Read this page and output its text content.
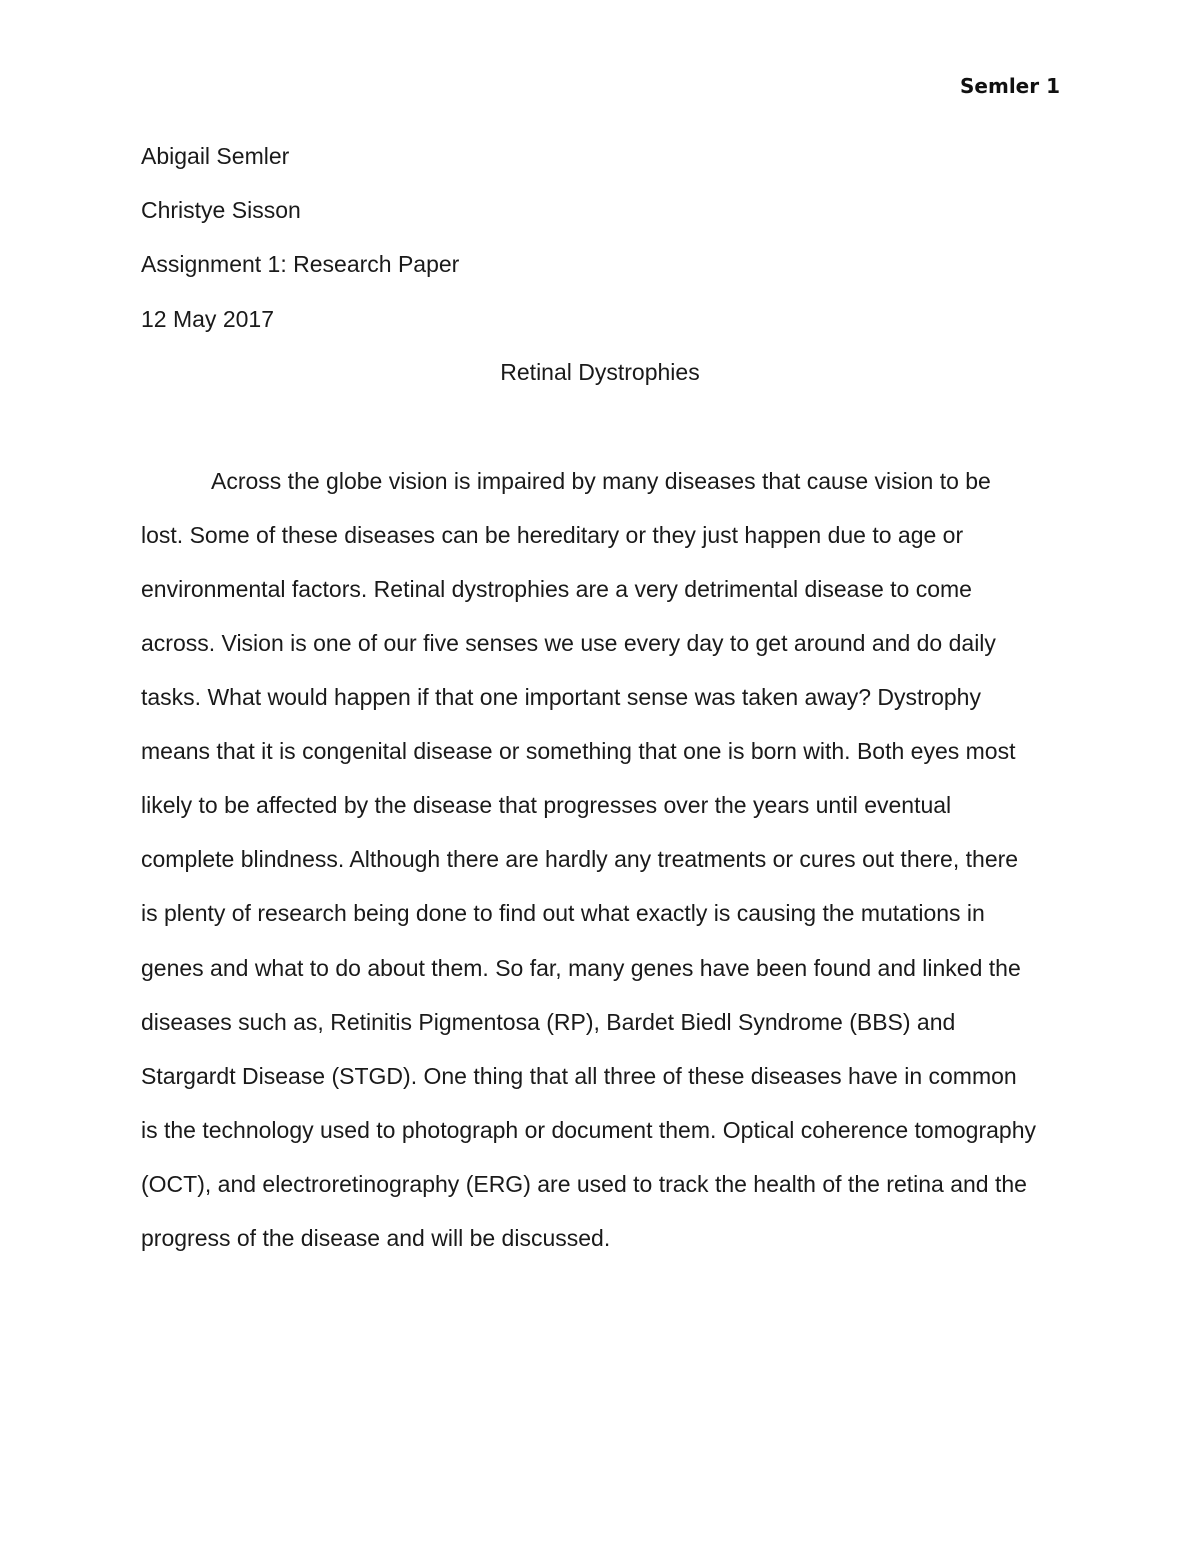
Semler 1
Abigail Semler
Christye Sisson
Assignment 1: Research Paper
12 May 2017
Retinal Dystrophies
Across the globe vision is impaired by many diseases that cause vision to be
lost. Some of these diseases can be hereditary or they just happen due to age or
environmental factors. Retinal dystrophies are a very detrimental disease to come
across. Vision is one of our five senses we use every day to get around and do daily
tasks. What would happen if that one important sense was taken away? Dystrophy
means that it is congenital disease or something that one is born with. Both eyes most
likely to be affected by the disease that progresses over the years until eventual
complete blindness. Although there are hardly any treatments or cures out there, there
is plenty of research being done to find out what exactly is causing the mutations in
genes and what to do about them. So far, many genes have been found and linked the
diseases such as, Retinitis Pigmentosa (RP), Bardet Biedl Syndrome (BBS) and
Stargardt Disease (STGD). One thing that all three of these diseases have in common
is the technology used to photograph or document them. Optical coherence tomography
(OCT), and electroretinography (ERG) are used to track the health of the retina and the
progress of the disease and will be discussed.
